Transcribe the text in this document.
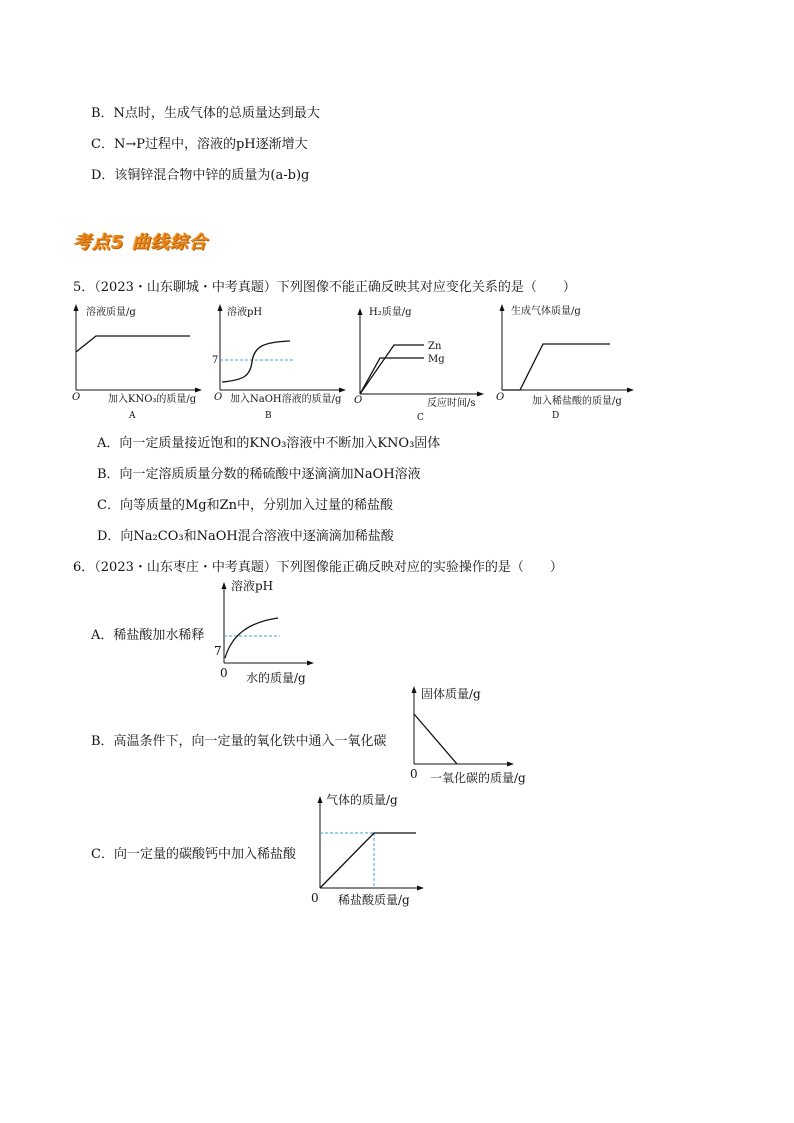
B．N点时，生成气体的总质量达到最大
C．N→P过程中，溶液的pH逐渐增大
D．该铜锌混合物中锌的质量为(a-b)g
考点5 曲线综合
5．（2023・山东聊城・中考真题）下列图像不能正确反映其对应变化关系的是（　　）
溶液质量/g
O	加入KNO₃的质量/g
A
7
溶液pH
O 加入NaOH溶液的质量/g
B
Zn
Mg
H₂质量/g
O	反应时间/s
C
生成气体质量/g
O	加入稀盐酸的质量/g
D
A．向一定质量接近饱和的KNO₃溶液中不断加入KNO₃固体
B．向一定溶质质量分数的稀硫酸中逐滴滴加NaOH溶液
C．向等质量的Mg和Zn中，分别加入过量的稀盐酸
D．向Na₂CO₃和NaOH混合溶液中逐滴滴加稀盐酸
6．（2023・山东枣庄・中考真题）下列图像能正确反映对应的实验操作的是（　　）
A．稀盐酸加水稀释
溶液pH
7
0 水的质量/g
B．高温条件下，向一定量的氧化铁中通入一氧化碳
固体质量/g
0 一氧化碳的质量/g
C．向一定量的碳酸钙中加入稀盐酸
气体的质量/g
0 稀盐酸质量/g
